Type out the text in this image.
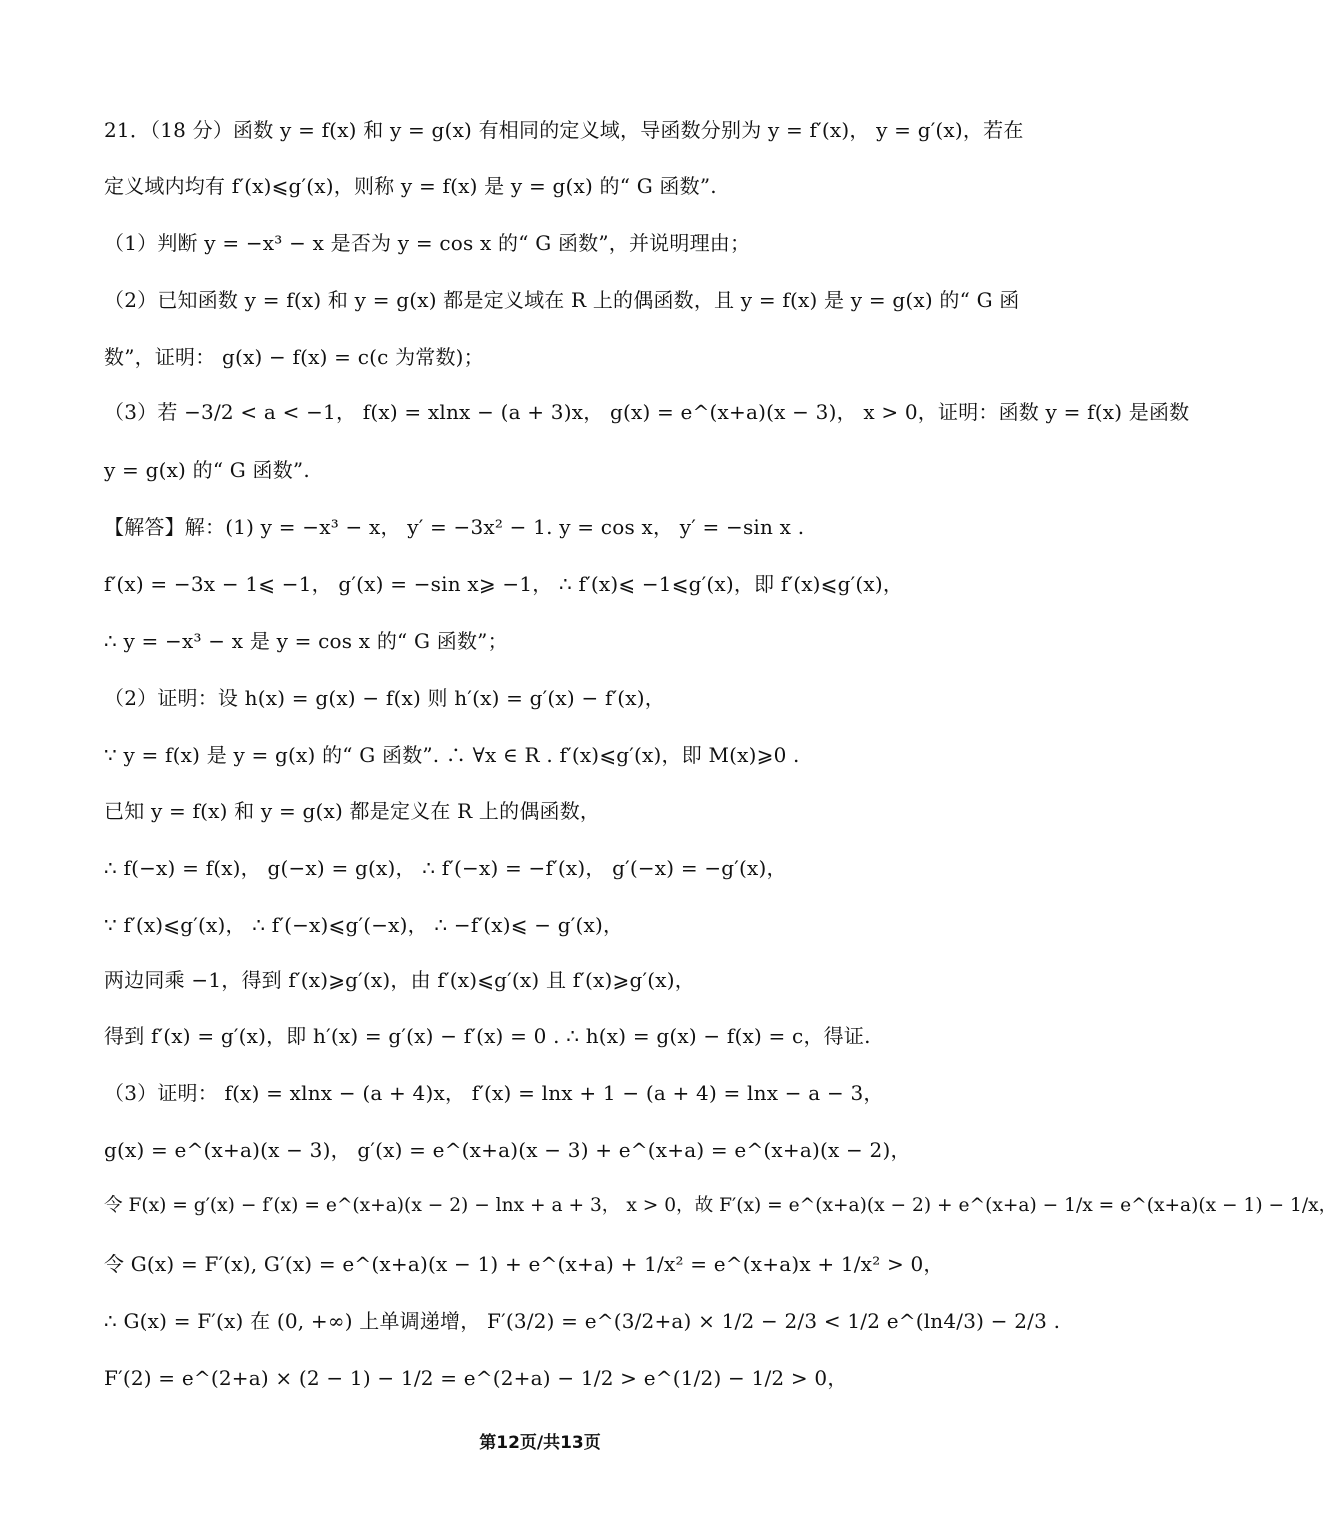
21．（18 分）函数 y = f(x) 和 y = g(x) 有相同的定义域，导函数分别为 y = f′(x)， y = g′(x)，若在
定义域内均有 f′(x)⩽g′(x)，则称 y = f(x) 是 y = g(x) 的“ G 函数”.
（1）判断 y = −x³ − x 是否为 y = cos x 的“ G 函数”，并说明理由；
（2）已知函数 y = f(x) 和 y = g(x) 都是定义域在 R 上的偶函数，且 y = f(x) 是 y = g(x) 的“ G 函
数”，证明： g(x) − f(x) = c(c 为常数)；
（3）若 −3/2 < a < −1， f(x) = xlnx − (a + 3)x， g(x) = e^(x+a)(x − 3)， x > 0，证明：函数 y = f(x) 是函数
y = g(x) 的“ G 函数”.
【解答】解：(1) y = −x³ − x， y′ = −3x² − 1. y = cos x， y′ = −sin x .
f′(x) = −3x − 1⩽ −1， g′(x) = −sin x⩾ −1， ∴ f′(x)⩽ −1⩽g′(x)，即 f′(x)⩽g′(x)，
∴ y = −x³ − x 是 y = cos x 的“ G 函数”；
（2）证明：设 h(x) = g(x) − f(x) 则 h′(x) = g′(x) − f′(x)，
∵ y = f(x) 是 y = g(x) 的“ G 函数”. ∴ ∀x ∈ R . f′(x)⩽g′(x)，即 M(x)⩾0 .
已知 y = f(x) 和 y = g(x) 都是定义在 R 上的偶函数，
∴ f(−x) = f(x)， g(−x) = g(x)， ∴ f′(−x) = −f′(x)， g′(−x) = −g′(x)，
∵ f′(x)⩽g′(x)， ∴ f′(−x)⩽g′(−x)， ∴ −f′(x)⩽ − g′(x)，
两边同乘 −1，得到 f′(x)⩾g′(x)，由 f′(x)⩽g′(x) 且 f′(x)⩾g′(x)，
得到 f′(x) = g′(x)，即 h′(x) = g′(x) − f′(x) = 0 . ∴ h(x) = g(x) − f(x) = c，得证.
（3）证明： f(x) = xlnx − (a + 4)x， f′(x) = lnx + 1 − (a + 4) = lnx − a − 3，
g(x) = e^(x+a)(x − 3)， g′(x) = e^(x+a)(x − 3) + e^(x+a) = e^(x+a)(x − 2)，
令 F(x) = g′(x) − f′(x) = e^(x+a)(x − 2) − lnx + a + 3， x > 0，故 F′(x) = e^(x+a)(x − 2) + e^(x+a) − 1/x = e^(x+a)(x − 1) − 1/x，
令 G(x) = F′(x), G′(x) = e^(x+a)(x − 1) + e^(x+a) + 1/x² = e^(x+a)x + 1/x² > 0，
∴ G(x) = F′(x) 在 (0, +∞) 上单调递增， F′(3/2) = e^(3/2+a) × 1/2 − 2/3 < 1/2 e^(ln4/3) − 2/3 .
F′(2) = e^(2+a) × (2 − 1) − 1/2 = e^(2+a) − 1/2 > e^(1/2) − 1/2 > 0，
第12页/共13页
